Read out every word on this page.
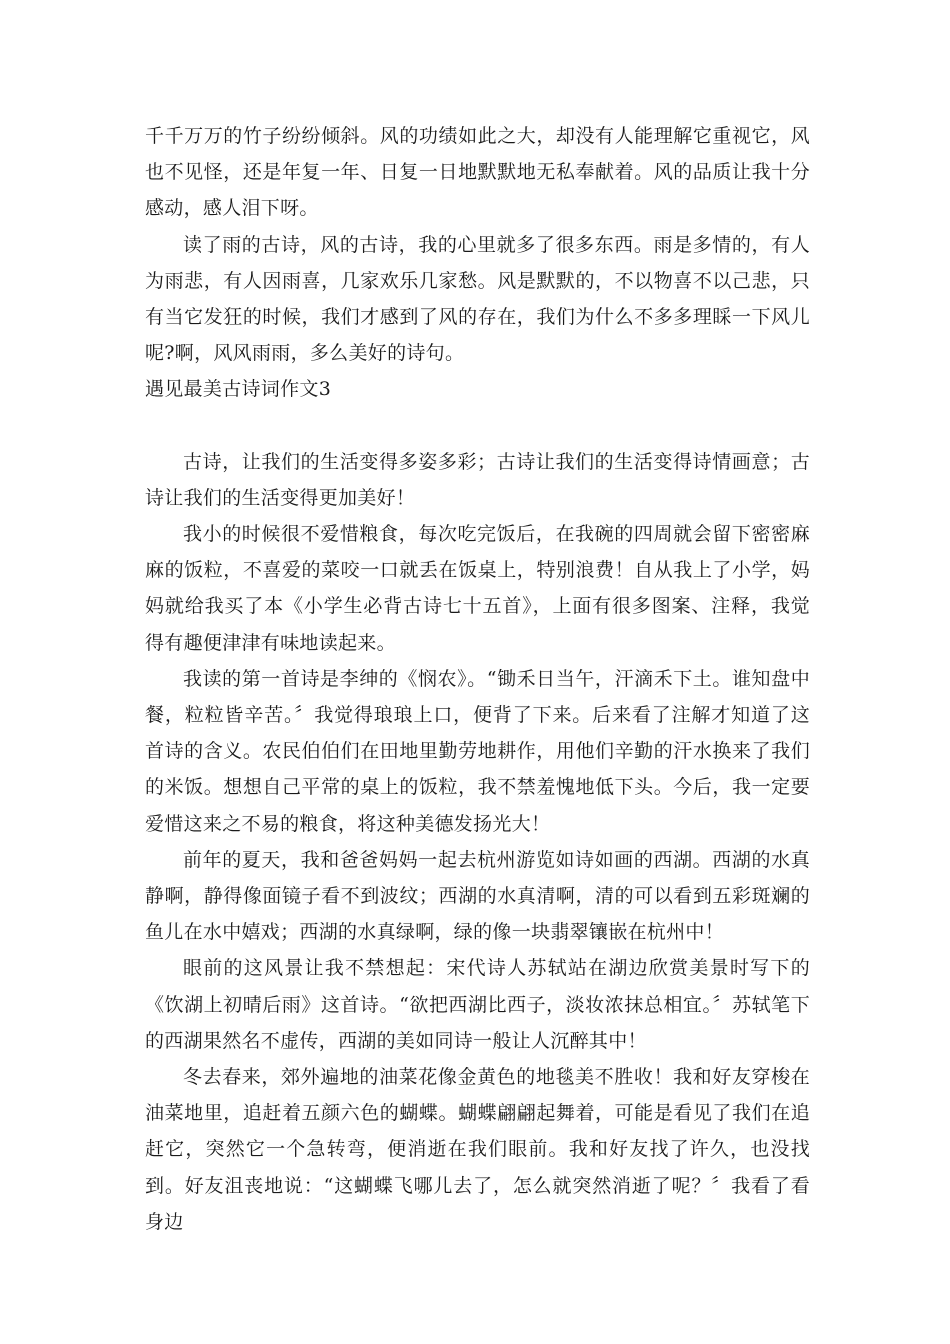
千千万万的竹子纷纷倾斜。风的功绩如此之大，却没有人能理解它重视它，风也不见怪，还是年复一年、日复一日地默默地无私奉献着。风的品质让我十分感动，感人泪下呀。

读了雨的古诗，风的古诗，我的心里就多了很多东西。雨是多情的，有人为雨悲，有人因雨喜，几家欢乐几家愁。风是默默的，不以物喜不以己悲，只有当它发狂的时候，我们才感到了风的存在，我们为什么不多多理睬一下风儿呢?啊，风风雨雨，多么美好的诗句。

遇见最美古诗词作文3

古诗，让我们的生活变得多姿多彩；古诗让我们的生活变得诗情画意；古诗让我们的生活变得更加美好！

我小的时候很不爱惜粮食，每次吃完饭后，在我碗的四周就会留下密密麻麻的饭粒，不喜爱的菜咬一口就丢在饭桌上，特别浪费！自从我上了小学，妈妈就给我买了本《小学生必背古诗七十五首》，上面有很多图案、注释，我觉得有趣便津津有味地读起来。

我读的第一首诗是李绅的《悯农》。“锄禾日当午，汗滴禾下土。谁知盘中餐，粒粒皆辛苦。〞我觉得琅琅上口，便背了下来。后来看了注解才知道了这首诗的含义。农民伯伯们在田地里勤劳地耕作，用他们辛勤的汗水换来了我们的米饭。想想自己平常的桌上的饭粒，我不禁羞愧地低下头。今后，我一定要爱惜这来之不易的粮食，将这种美德发扬光大！

前年的夏天，我和爸爸妈妈一起去杭州游览如诗如画的西湖。西湖的水真静啊，静得像面镜子看不到波纹；西湖的水真清啊，清的可以看到五彩斑斓的鱼儿在水中嬉戏；西湖的水真绿啊，绿的像一块翡翠镶嵌在杭州中！

眼前的这风景让我不禁想起：宋代诗人苏轼站在湖边欣赏美景时写下的《饮湖上初晴后雨》这首诗。“欲把西湖比西子，淡妆浓抹总相宜。〞苏轼笔下的西湖果然名不虚传，西湖的美如同诗一般让人沉醉其中！

冬去春来，郊外遍地的油菜花像金黄色的地毯美不胜收！我和好友穿梭在油菜地里，追赶着五颜六色的蝴蝶。蝴蝶翩翩起舞着，可能是看见了我们在追赶它，突然它一个急转弯，便消逝在我们眼前。我和好友找了许久，也没找到。好友沮丧地说：“这蝴蝶飞哪儿去了，怎么就突然消逝了呢？〞我看了看身边
